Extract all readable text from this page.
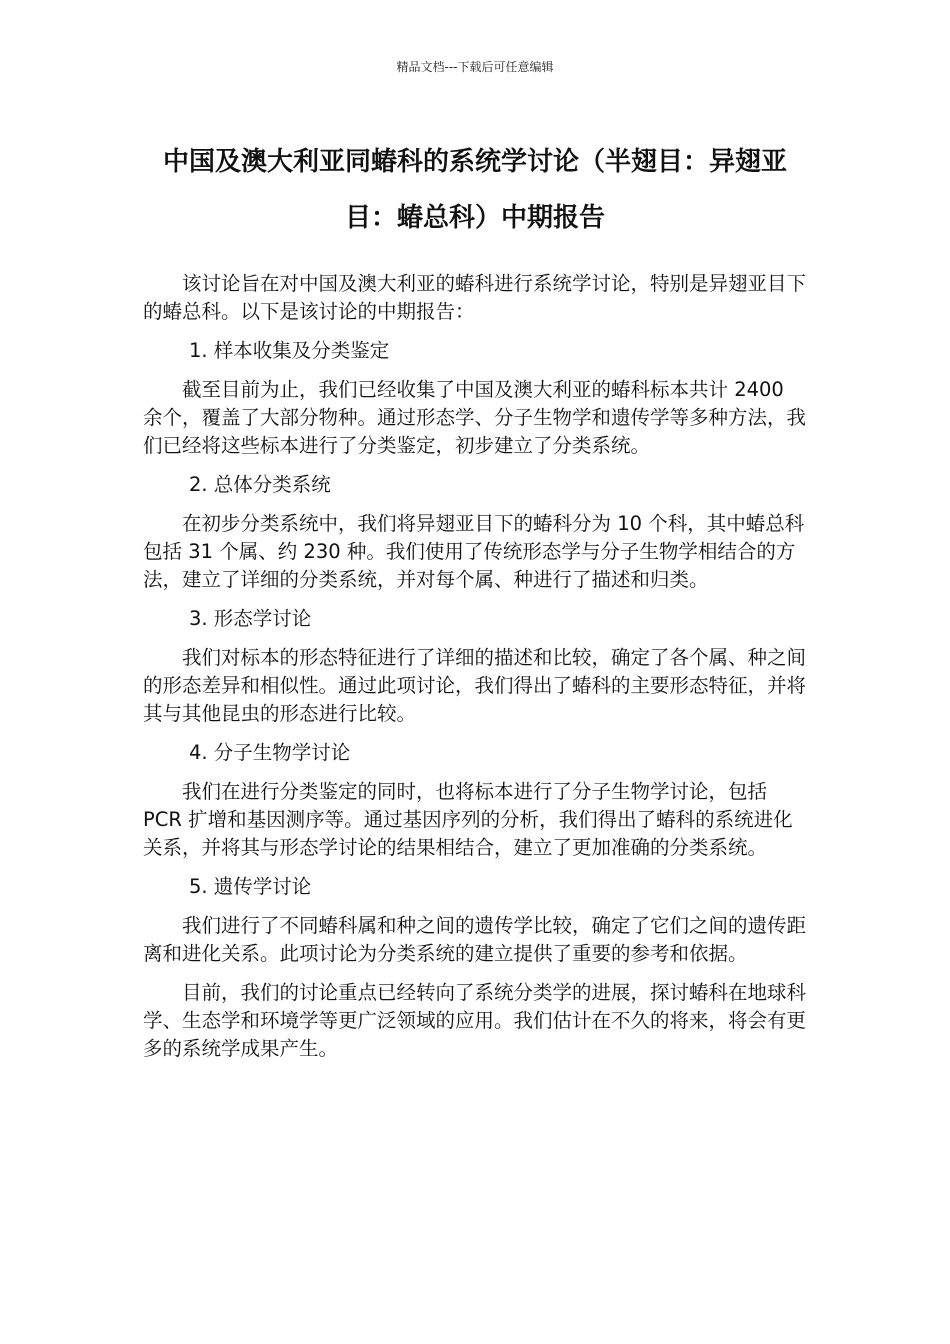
精品文档---下载后可任意编辑
中国及澳大利亚同蝽科的系统学讨论（半翅目：异翅亚目：蝽总科）中期报告

该讨论旨在对中国及澳大利亚的蝽科进行系统学讨论，特别是异翅亚目下的蝽总科。以下是该讨论的中期报告：

1. 样本收集及分类鉴定

截至目前为止，我们已经收集了中国及澳大利亚的蝽科标本共计 2400 余个，覆盖了大部分物种。通过形态学、分子生物学和遗传学等多种方法，我们已经将这些标本进行了分类鉴定，初步建立了分类系统。

2. 总体分类系统

在初步分类系统中，我们将异翅亚目下的蝽科分为 10 个科，其中蝽总科包括 31 个属、约 230 种。我们使用了传统形态学与分子生物学相结合的方法，建立了详细的分类系统，并对每个属、种进行了描述和归类。

3. 形态学讨论

我们对标本的形态特征进行了详细的描述和比较，确定了各个属、种之间的形态差异和相似性。通过此项讨论，我们得出了蝽科的主要形态特征，并将其与其他昆虫的形态进行比较。

4. 分子生物学讨论

我们在进行分类鉴定的同时，也将标本进行了分子生物学讨论，包括 PCR 扩增和基因测序等。通过基因序列的分析，我们得出了蝽科的系统进化关系，并将其与形态学讨论的结果相结合，建立了更加准确的分类系统。

5. 遗传学讨论

我们进行了不同蝽科属和种之间的遗传学比较，确定了它们之间的遗传距离和进化关系。此项讨论为分类系统的建立提供了重要的参考和依据。

目前，我们的讨论重点已经转向了系统分类学的进展，探讨蝽科在地球科学、生态学和环境学等更广泛领域的应用。我们估计在不久的将来，将会有更多的系统学成果产生。
